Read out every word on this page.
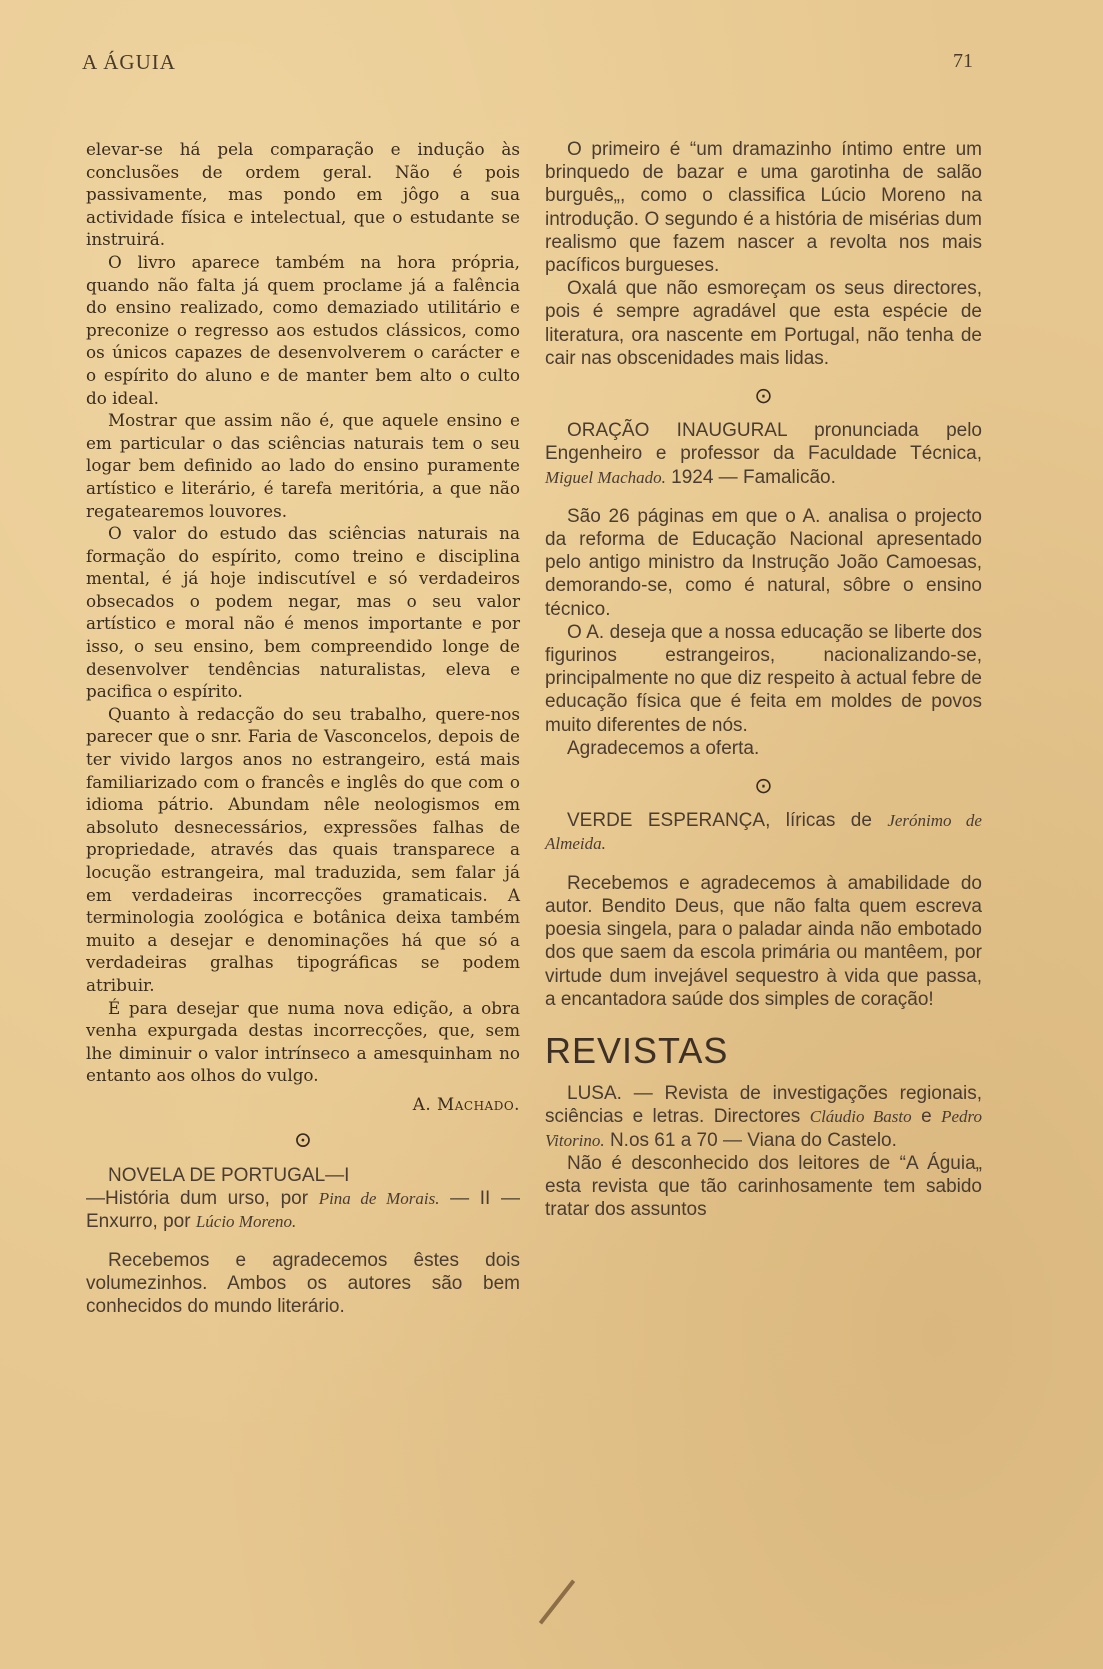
A ÁGUIA	71

elevar-se há pela comparação e indução às conclusões de ordem geral. Não é pois passivamente, mas pondo em jôgo a sua actividade física e intelectual, que o estudante se instruirá.

O livro aparece também na hora própria, quando não falta já quem proclame já a falência do ensino realizado, como demaziado utilitário e preconize o regresso aos estudos clássicos, como os únicos capazes de desenvolverem o carácter e o espírito do aluno e de manter bem alto o culto do ideal.

Mostrar que assim não é, que aquele ensino e em particular o das sciências naturais tem o seu logar bem definido ao lado do ensino puramente artístico e literário, é tarefa meritória, a que não regatearemos louvores.

O valor do estudo das sciências naturais na formação do espírito, como treino e disciplina mental, é já hoje indiscutível e só verdadeiros obsecados o podem negar, mas o seu valor artístico e moral não é menos importante e por isso, o seu ensino, bem compreendido longe de desenvolver tendências naturalistas, eleva e pacifica o espírito.

Quanto à redacção do seu trabalho, quere-nos parecer que o snr. Faria de Vasconcelos, depois de ter vivido largos anos no estrangeiro, está mais familiarizado com o francês e inglês do que com o idioma pátrio. Abundam nêle neologismos em absoluto desnecessários, expressões falhas de propriedade, através das quais transparece a locução estrangeira, mal traduzida, sem falar já em verdadeiras incorrecções gramaticais. A terminologia zoológica e botânica deixa também muito a desejar e denominações há que só a verdadeiras gralhas tipográficas se podem atribuir.

É para desejar que numa nova edição, a obra venha expurgada destas incorrecções, que, sem lhe diminuir o valor intrínseco a amesquinham no entanto aos olhos do vulgo.

A. Machado.
⊙

NOVELA DE PORTUGAL—I
—História dum urso, por Pina de Morais. — II — Enxurro, por Lúcio Moreno.

Recebemos e agradecemos êstes dois volumezinhos. Ambos os autores são bem conhecidos do mundo literário.

O primeiro é “um dramazinho íntimo entre um brinquedo de bazar e uma garotinha de salão burguês„, como o classifica Lúcio Moreno na introdução. O segundo é a história de misérias dum realismo que fazem nascer a revolta nos mais pacíficos burgueses.

Oxalá que não esmoreçam os seus directores, pois é sempre agradável que esta espécie de literatura, ora nascente em Portugal, não tenha de cair nas obscenidades mais lidas.

⊙

ORAÇÃO INAUGURAL pronunciada pelo Engenheiro e professor da Faculdade Técnica, Miguel Machado. 1924 — Famalicão.

São 26 páginas em que o A. analisa o projecto da reforma de Educação Nacional apresentado pelo antigo ministro da Instrução João Camoesas, demorando-se, como é natural, sôbre o ensino técnico.

O A. deseja que a nossa educação se liberte dos figurinos estrangeiros, nacionalizando-se, principalmente no que diz respeito à actual febre de educação física que é feita em moldes de povos muito diferentes de nós.

Agradecemos a oferta.

⊙

VERDE ESPERANÇA, líricas de Jerónimo de Almeida.

Recebemos e agradecemos à amabilidade do autor. Bendito Deus, que não falta quem escreva poesia singela, para o paladar ainda não embotado dos que saem da escola primária ou mantêem, por virtude dum invejável sequestro à vida que passa, a encantadora saúde dos simples de coração!

REVISTAS

LUSA. — Revista de investigações regionais, sciências e letras. Directores Cláudio Basto e Pedro Vitorino. N.os 61 a 70 — Viana do Castelo.

Não é desconhecido dos leitores de “A Águia„ esta revista que tão carinhosamente tem sabido tratar dos assuntos
